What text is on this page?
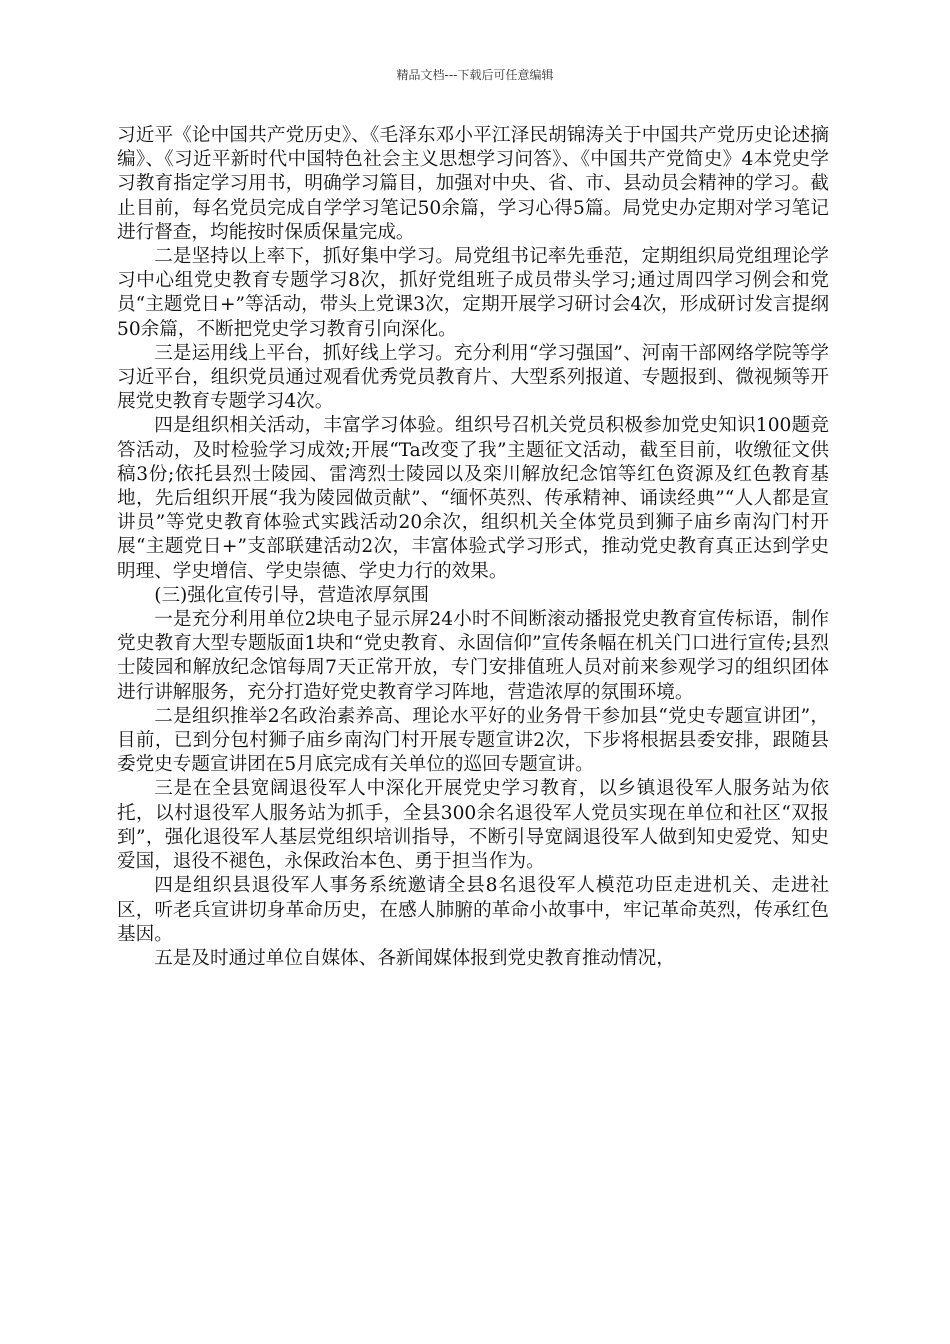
精品文档---下载后可任意编辑

习近平《论中国共产党历史》、《毛泽东邓小平江泽民胡锦涛关于中国共产党历史论述摘编》、《习近平新时代中国特色社会主义思想学习问答》、《中国共产党简史》4本党史学习教育指定学习用书，明确学习篇目，加强对中央、省、市、县动员会精神的学习。截止目前，每名党员完成自学学习笔记50余篇，学习心得5篇。局党史办定期对学习笔记进行督查，均能按时保质保量完成。

二是坚持以上率下，抓好集中学习。局党组书记率先垂范，定期组织局党组理论学习中心组党史教育专题学习8次，抓好党组班子成员带头学习;通过周四学习例会和党员“主题党日+”等活动，带头上党课3次，定期开展学习研讨会4次，形成研讨发言提纲50余篇，不断把党史学习教育引向深化。

三是运用线上平台，抓好线上学习。充分利用“学习强国”、河南干部网络学院等学习近平台，组织党员通过观看优秀党员教育片、大型系列报道、专题报到、微视频等开展党史教育专题学习4次。

四是组织相关活动，丰富学习体验。组织号召机关党员积极参加党史知识100题竞答活动，及时检验学习成效;开展“Ta改变了我”主题征文活动，截至目前，收缴征文供稿3份;依托县烈士陵园、雷湾烈士陵园以及栾川解放纪念馆等红色资源及红色教育基地，先后组织开展“我为陵园做贡献”、“缅怀英烈、传承精神、诵读经典”“人人都是宣讲员”等党史教育体验式实践活动20余次，组织机关全体党员到狮子庙乡南沟门村开展“主题党日+”支部联建活动2次，丰富体验式学习形式，推动党史教育真正达到学史明理、学史增信、学史崇德、学史力行的效果。

(三)强化宣传引导，营造浓厚氛围

一是充分利用单位2块电子显示屏24小时不间断滚动播报党史教育宣传标语，制作党史教育大型专题版面1块和“党史教育、永固信仰”宣传条幅在机关门口进行宣传;县烈士陵园和解放纪念馆每周7天正常开放，专门安排值班人员对前来参观学习的组织团体进行讲解服务，充分打造好党史教育学习阵地，营造浓厚的氛围环境。

二是组织推举2名政治素养高、理论水平好的业务骨干参加县“党史专题宣讲团”，目前，已到分包村狮子庙乡南沟门村开展专题宣讲2次，下步将根据县委安排，跟随县委党史专题宣讲团在5月底完成有关单位的巡回专题宣讲。

三是在全县宽阔退役军人中深化开展党史学习教育，以乡镇退役军人服务站为依托，以村退役军人服务站为抓手，全县300余名退役军人党员实现在单位和社区“双报到”，强化退役军人基层党组织培训指导，不断引导宽阔退役军人做到知史爱党、知史爱国，退役不褪色，永保政治本色、勇于担当作为。

四是组织县退役军人事务系统邀请全县8名退役军人模范功臣走进机关、走进社区，听老兵宣讲切身革命历史，在感人肺腑的革命小故事中，牢记革命英烈，传承红色基因。

五是及时通过单位自媒体、各新闻媒体报到党史教育推动情况，
